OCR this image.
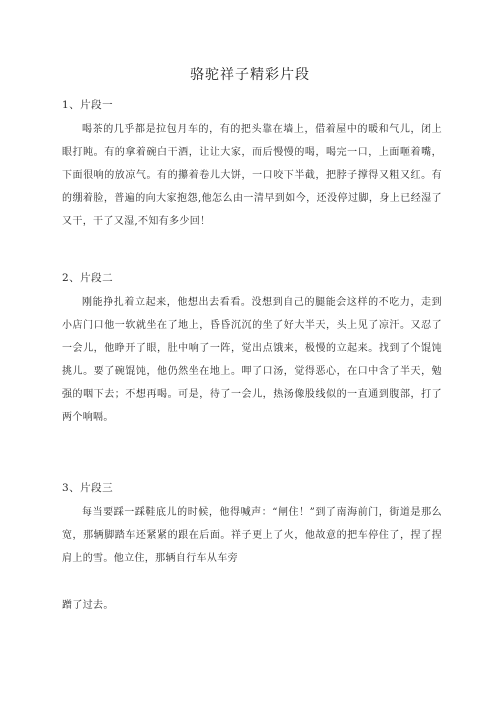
骆驼祥子精彩片段
1、片段一
喝茶的几乎都是拉包月车的，有的把头靠在墙上，借着屋中的暖和气儿，闭上眼打盹。有的拿着碗白干酒，让让大家，而后慢慢的喝，喝完一口，上面咂着嘴，下面很响的放凉气。有的攥着卷儿大饼，一口咬下半截，把脖子撑得又粗又红。有的绷着脸，普遍的向大家抱怨,他怎么由一清早到如今，还没停过脚，身上已经湿了又干，干了又湿,不知有多少回！
2、片段二
刚能挣扎着立起来，他想出去看看。没想到自己的腿能会这样的不吃力，走到小店门口他一软就坐在了地上，昏昏沉沉的坐了好大半天，头上见了凉汗。又忍了一会儿，他睁开了眼，肚中响了一阵，觉出点饿来，极慢的立起来。找到了个馄饨挑儿。要了碗馄饨，他仍然坐在地上。呷了口汤，觉得恶心，在口中含了半天，勉强的咽下去；不想再喝。可是，待了一会儿，热汤像股线似的一直通到腹部，打了两个响嗝。
3、片段三
每当要踩一踩鞋底儿的时候，他得喊声：“闸住！”到了南海前门，街道是那么宽，那辆脚踏车还紧紧的跟在后面。祥子更上了火，他故意的把车停住了，捏了捏肩上的雪。他立住，那辆自行车从车旁
蹭了过去。
